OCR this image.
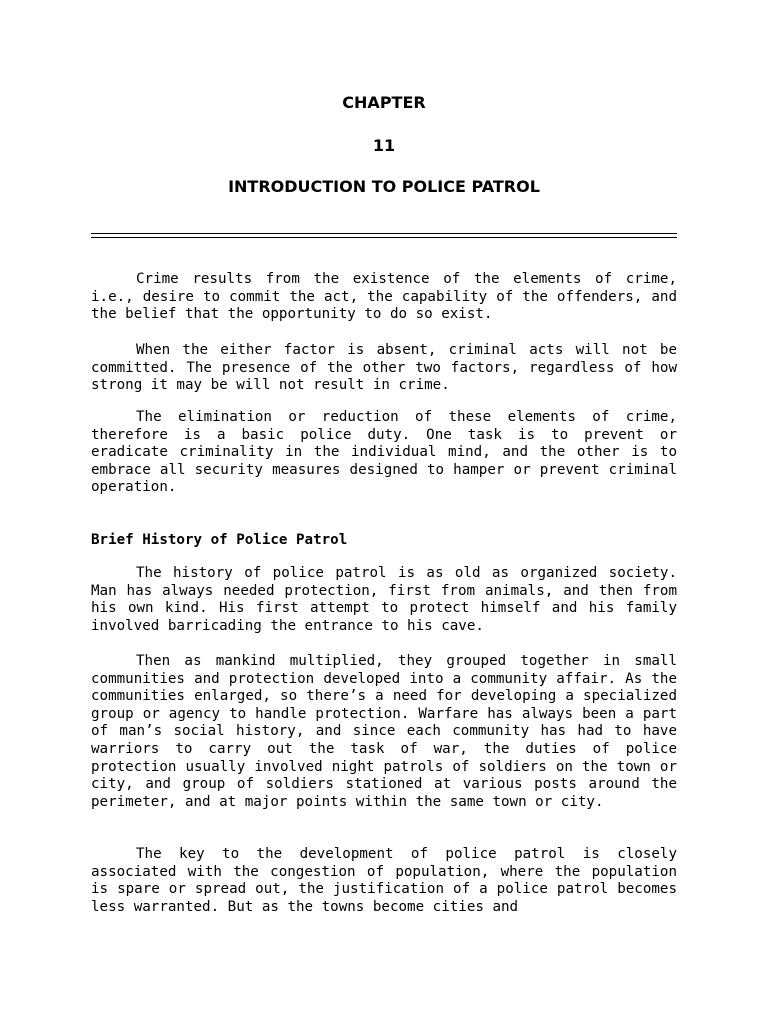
CHAPTER
11
INTRODUCTION TO POLICE PATROL

Crime results from the existence of the elements of crime, i.e., desire to commit the act, the capability of the offenders, and the belief that the opportunity to do so exist.

When the either factor is absent, criminal acts will not be committed. The presence of the other two factors, regardless of how strong it may be will not result in crime.

The elimination or reduction of these elements of crime, therefore is a basic police duty. One task is to prevent or eradicate criminality in the individual mind, and the other is to embrace all security measures designed to hamper or prevent criminal operation.

Brief History of Police Patrol

The history of police patrol is as old as organized society. Man has always needed protection, first from animals, and then from his own kind. His first attempt to protect himself and his family involved barricading the entrance to his cave.

Then as mankind multiplied, they grouped together in small communities and protection developed into a community affair. As the communities enlarged, so there’s a need for developing a specialized group or agency to handle protection. Warfare has always been a part of man’s social history, and since each community has had to have warriors to carry out the task of war, the duties of police protection usually involved night patrols of soldiers on the town or city, and group of soldiers stationed at various posts around the perimeter, and at major points within the same town or city.

The key to the development of police patrol is closely associated with the congestion of population, where the population is spare or spread out, the justification of a police patrol becomes less warranted. But as the towns become cities and
